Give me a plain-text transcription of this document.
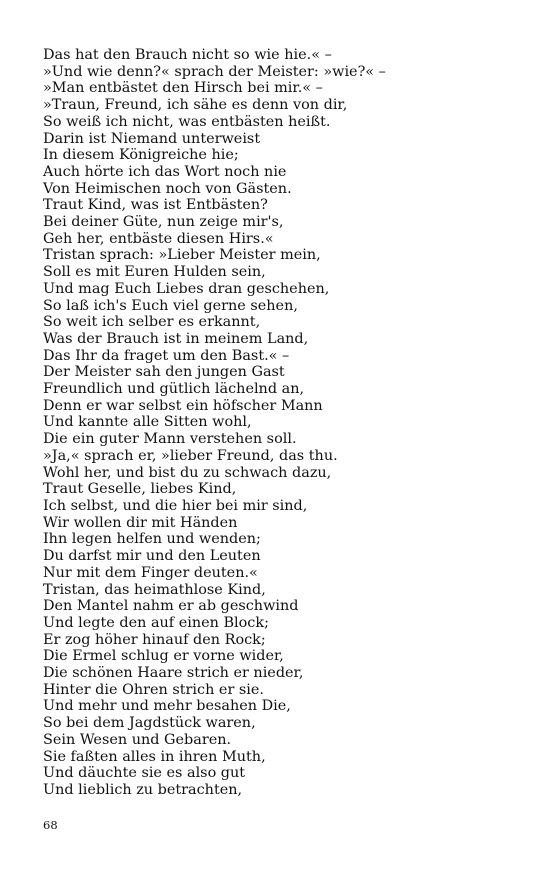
Das hat den Brauch nicht so wie hie.« –
»Und wie denn?« sprach der Meister: »wie?« –
»Man entbästet den Hirsch bei mir.« –
»Traun, Freund, ich sähe es denn von dir,
So weiß ich nicht, was entbästen heißt.
Darin ist Niemand unterweist
In diesem Königreiche hie;
Auch hörte ich das Wort noch nie
Von Heimischen noch von Gästen.
Traut Kind, was ist Entbästen?
Bei deiner Güte, nun zeige mir's,
Geh her, entbäste diesen Hirs.«
Tristan sprach: »Lieber Meister mein,
Soll es mit Euren Hulden sein,
Und mag Euch Liebes dran geschehen,
So laß ich's Euch viel gerne sehen,
So weit ich selber es erkannt,
Was der Brauch ist in meinem Land,
Das Ihr da fraget um den Bast.« –
Der Meister sah den jungen Gast
Freundlich und gütlich lächelnd an,
Denn er war selbst ein höfscher Mann
Und kannte alle Sitten wohl,
Die ein guter Mann verstehen soll.
»Ja,« sprach er, »lieber Freund, das thu.
Wohl her, und bist du zu schwach dazu,
Traut Geselle, liebes Kind,
Ich selbst, und die hier bei mir sind,
Wir wollen dir mit Händen
Ihn legen helfen und wenden;
Du darfst mir und den Leuten
Nur mit dem Finger deuten.«
Tristan, das heimathlose Kind,
Den Mantel nahm er ab geschwind
Und legte den auf einen Block;
Er zog höher hinauf den Rock;
Die Ermel schlug er vorne wider,
Die schönen Haare strich er nieder,
Hinter die Ohren strich er sie.
Und mehr und mehr besahen Die,
So bei dem Jagdstück waren,
Sein Wesen und Gebaren.
Sie faßten alles in ihren Muth,
Und däuchte sie es also gut
Und lieblich zu betrachten,
68
